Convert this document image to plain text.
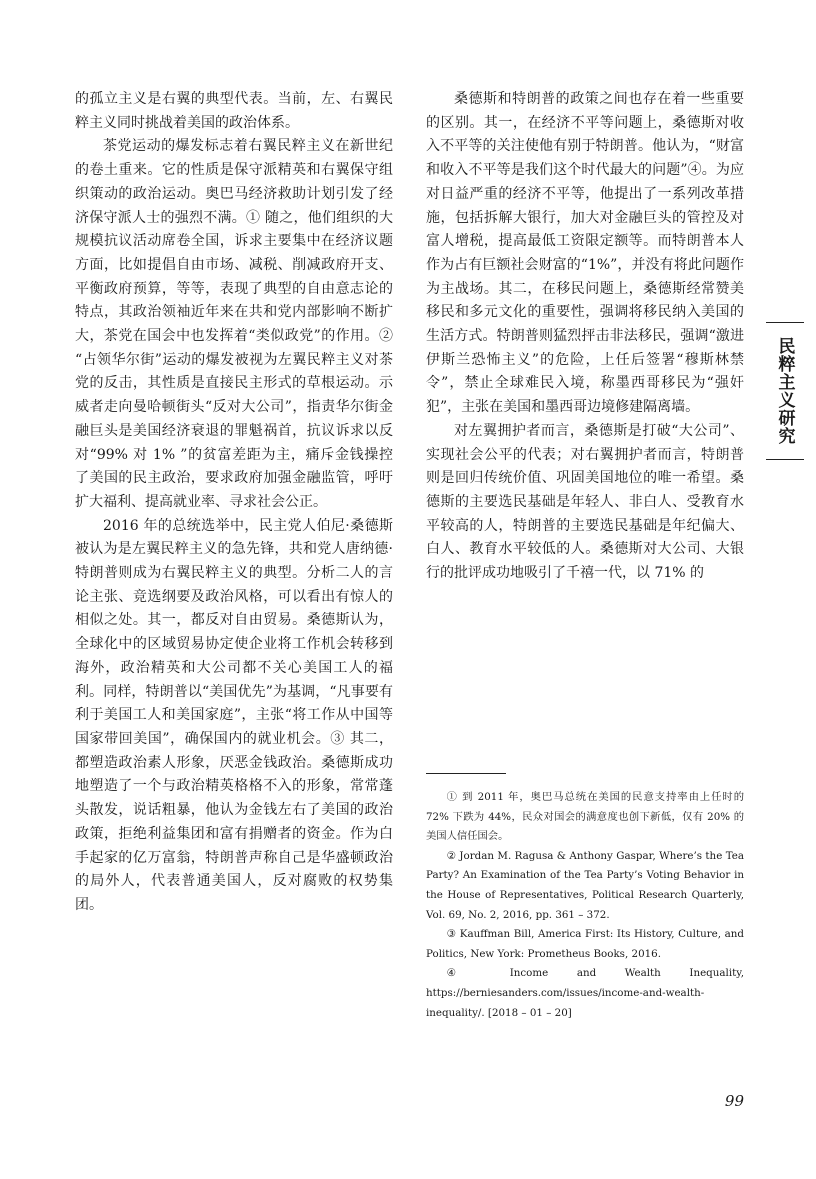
的孤立主义是右翼的典型代表。当前，左、右翼民粹主义同时挑战着美国的政治体系。

茶党运动的爆发标志着右翼民粹主义在新世纪的卷土重来。它的性质是保守派精英和右翼保守组织策动的政治运动。奥巴马经济救助计划引发了经济保守派人士的强烈不满。① 随之，他们组织的大规模抗议活动席卷全国，诉求主要集中在经济议题方面，比如提倡自由市场、减税、削减政府开支、平衡政府预算，等等，表现了典型的自由意志论的特点，其政治领袖近年来在共和党内部影响不断扩大，茶党在国会中也发挥着“类似政党”的作用。② “占领华尔街”运动的爆发被视为左翼民粹主义对茶党的反击，其性质是直接民主形式的草根运动。示威者走向曼哈顿街头“反对大公司”，指责华尔街金融巨头是美国经济衰退的罪魁祸首，抗议诉求以反对“99% 对 1% ”的贫富差距为主，痛斥金钱操控了美国的民主政治，要求政府加强金融监管，呼吁扩大福利、提高就业率、寻求社会公正。

2016 年的总统选举中，民主党人伯尼·桑德斯被认为是左翼民粹主义的急先锋，共和党人唐纳德·特朗普则成为右翼民粹主义的典型。分析二人的言论主张、竞选纲要及政治风格，可以看出有惊人的相似之处。其一，都反对自由贸易。桑德斯认为，全球化中的区域贸易协定使企业将工作机会转移到海外，政治精英和大公司都不关心美国工人的福利。同样，特朗普以“美国优先”为基调，“凡事要有利于美国工人和美国家庭”，主张“将工作从中国等国家带回美国”，确保国内的就业机会。③ 其二，都塑造政治素人形象，厌恶金钱政治。桑德斯成功地塑造了一个与政治精英格格不入的形象，常常蓬头散发，说话粗暴，他认为金钱左右了美国的政治政策，拒绝利益集团和富有捐赠者的资金。作为白手起家的亿万富翁，特朗普声称自己是华盛顿政治的局外人，代表普通美国人，反对腐败的权势集团。

桑德斯和特朗普的政策之间也存在着一些重要的区别。其一，在经济不平等问题上，桑德斯对收入不平等的关注使他有别于特朗普。他认为，“财富和收入不平等是我们这个时代最大的问题”④。为应对日益严重的经济不平等，他提出了一系列改革措施，包括拆解大银行，加大对金融巨头的管控及对富人增税，提高最低工资限定额等。而特朗普本人作为占有巨额社会财富的“1%”，并没有将此问题作为主战场。其二，在移民问题上，桑德斯经常赞美移民和多元文化的重要性，强调将移民纳入美国的生活方式。特朗普则猛烈抨击非法移民，强调“激进伊斯兰恐怖主义”的危险，上任后签署“穆斯林禁令”，禁止全球难民入境，称墨西哥移民为“强奸犯”，主张在美国和墨西哥边境修建隔离墙。

对左翼拥护者而言，桑德斯是打破“大公司”、实现社会公平的代表；对右翼拥护者而言，特朗普则是回归传统价值、巩固美国地位的唯一希望。桑德斯的主要选民基础是年轻人、非白人、受教育水平较高的人，特朗普的主要选民基础是年纪偏大、白人、教育水平较低的人。桑德斯对大公司、大银行的批评成功地吸引了千禧一代，以 71% 的

① 到 2011 年，奥巴马总统在美国的民意支持率由上任时的 72% 下跌为 44%，民众对国会的满意度也创下新低，仅有 20% 的美国人信任国会。

② Jordan M. Ragusa & Anthony Gaspar, Where’s the Tea Party? An Examination of the Tea Party’s Voting Behavior in the House of Representatives, Political Research Quarterly, Vol. 69, No. 2, 2016, pp. 361 – 372.

③ Kauffman Bill, America First: Its History, Culture, and Politics, New York: Prometheus Books, 2016.

④ Income and Wealth Inequality, https://berniesanders.com/issues/income-and-wealth-inequality/. [2018 – 01 – 20]

民粹主义研究
99
